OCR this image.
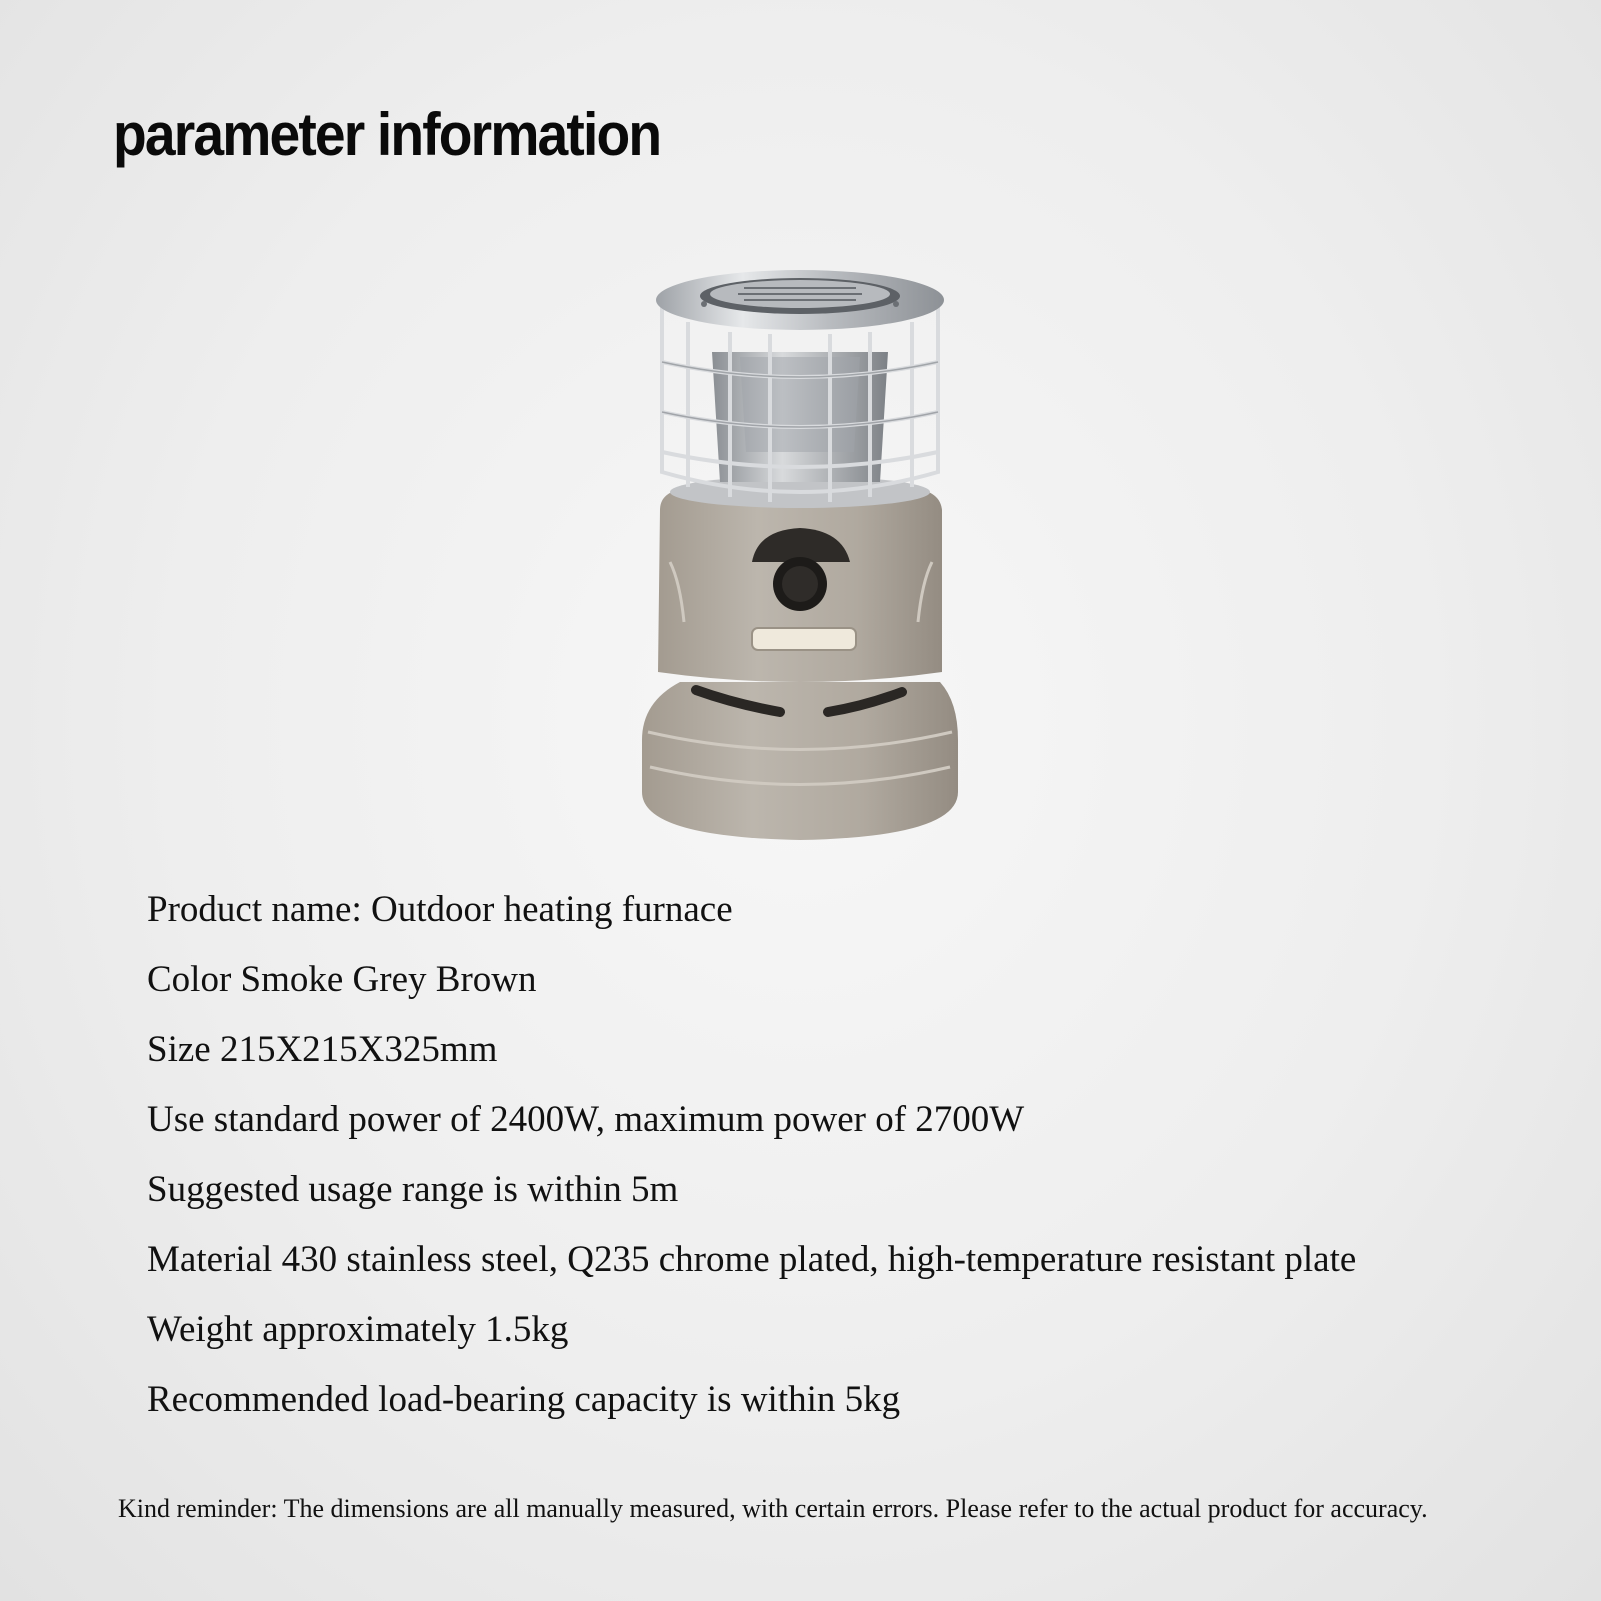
parameter information
Product name: Outdoor heating furnace
Color Smoke Grey Brown
Size 215X215X325mm
Use standard power of 2400W, maximum power of 2700W
Suggested usage range is within 5m
Material 430 stainless steel, Q235 chrome plated, high-temperature resistant plate
Weight approximately 1.5kg
Recommended load-bearing capacity is within 5kg
Kind reminder: The dimensions are all manually measured, with certain errors. Please refer to the actual product for accuracy.
